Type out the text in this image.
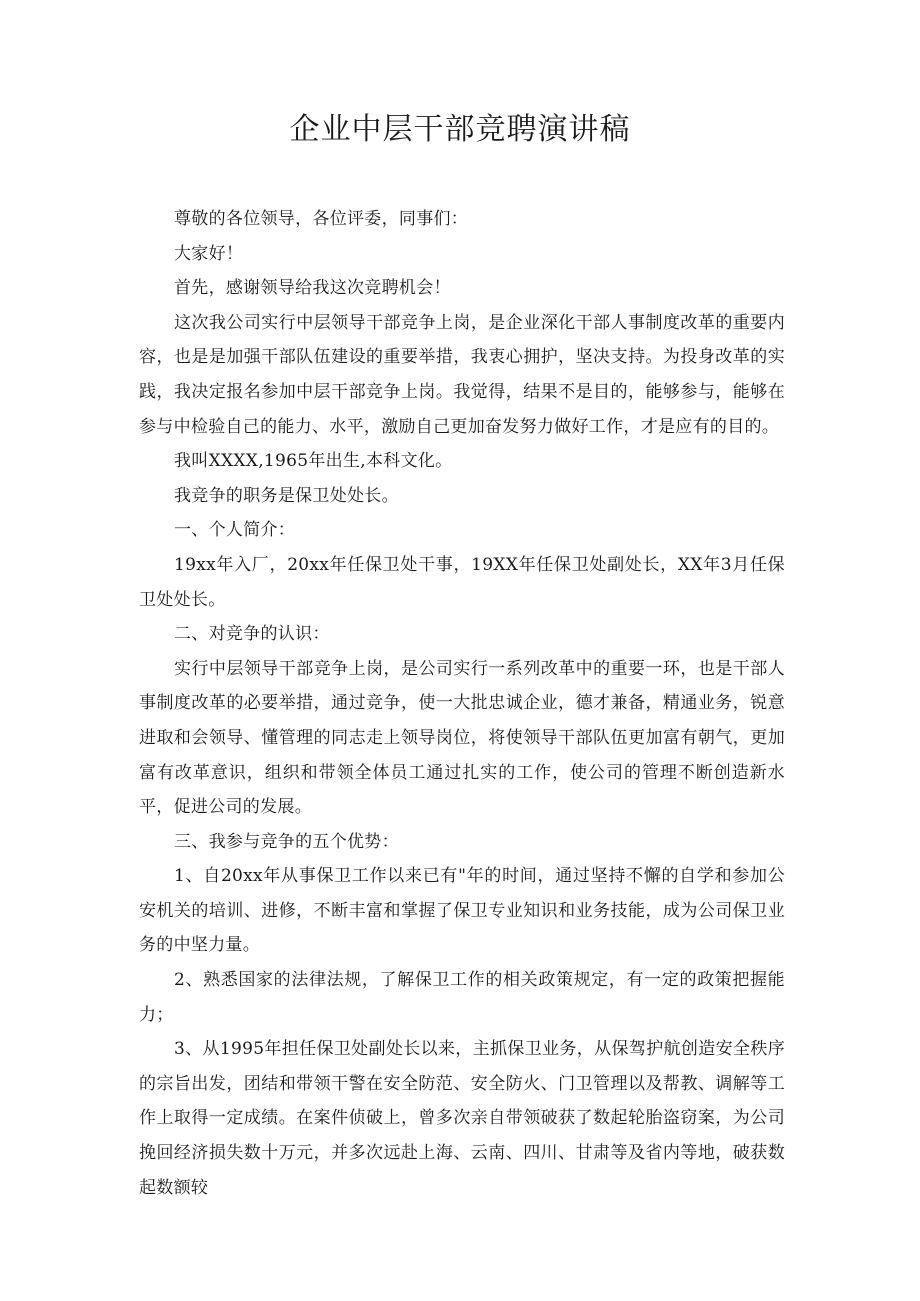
企业中层干部竞聘演讲稿

尊敬的各位领导，各位评委，同事们：

大家好！

首先，感谢领导给我这次竞聘机会！

这次我公司实行中层领导干部竞争上岗，是企业深化干部人事制度改革的重要内容，也是是加强干部队伍建设的重要举措，我衷心拥护，坚决支持。为投身改革的实践，我决定报名参加中层干部竞争上岗。我觉得，结果不是目的，能够参与，能够在参与中检验自己的能力、水平，激励自己更加奋发努力做好工作，才是应有的目的。

我叫XXXX,1965年出生,本科文化。

我竞争的职务是保卫处处长。

一、个人简介：

19xx年入厂，20xx年任保卫处干事，19XX年任保卫处副处长，XX年3月任保卫处处长。

二、对竞争的认识：

实行中层领导干部竞争上岗，是公司实行一系列改革中的重要一环，也是干部人事制度改革的必要举措，通过竞争，使一大批忠诚企业，德才兼备，精通业务，锐意进取和会领导、懂管理的同志走上领导岗位，将使领导干部队伍更加富有朝气，更加富有改革意识，组织和带领全体员工通过扎实的工作，使公司的管理不断创造新水平，促进公司的发展。

三、我参与竞争的五个优势：

1、自20xx年从事保卫工作以来已有"年的时间，通过坚持不懈的自学和参加公安机关的培训、进修，不断丰富和掌握了保卫专业知识和业务技能，成为公司保卫业务的中坚力量。

2、熟悉国家的法律法规，了解保卫工作的相关政策规定，有一定的政策把握能力；

3、从1995年担任保卫处副处长以来，主抓保卫业务，从保驾护航创造安全秩序的宗旨出发，团结和带领干警在安全防范、安全防火、门卫管理以及帮教、调解等工作上取得一定成绩。在案件侦破上，曾多次亲自带领破获了数起轮胎盗窃案，为公司挽回经济损失数十万元，并多次远赴上海、云南、四川、甘肃等及省内等地，破获数起数额较
